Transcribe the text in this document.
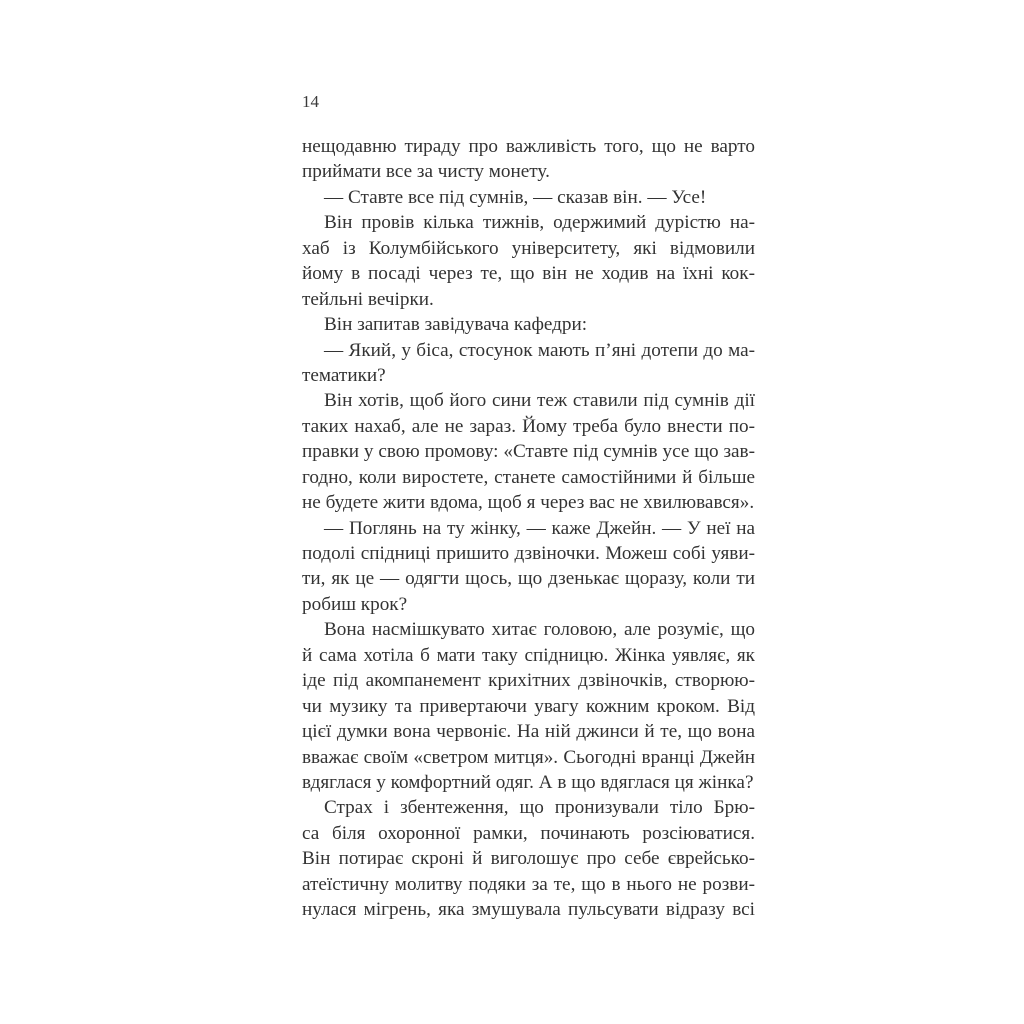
14
нещодавню тираду про важливість того, що не варто
приймати все за чисту монету.
— Ставте все під сумнів, — сказав він. — Усе!
Він провів кілька тижнів, одержимий дурістю на-
хаб із Колумбійського університету, які відмовили
йому в посаді через те, що він не ходив на їхні кок-
тейльні вечірки.
Він запитав завідувача кафедри:
— Який, у біса, стосунок мають п’яні дотепи до ма-
тематики?
Він хотів, щоб його сини теж ставили під сумнів дії
таких нахаб, але не зараз. Йому треба було внести по-
правки у свою промову: «Ставте під сумнів усе що зав-
годно, коли виростете, станете самостійними й більше
не будете жити вдома, щоб я через вас не хвилювався».
— Поглянь на ту жінку, — каже Джейн. — У неї на
подолі спідниці пришито дзвіночки. Можеш собі уяви-
ти, як це — одягти щось, що дзенькає щоразу, коли ти
робиш крок?
Вона насмішкувато хитає головою, але розуміє, що
й сама хотіла б мати таку спідницю. Жінка уявляє, як
іде під акомпанемент крихітних дзвіночків, створюю-
чи музику та привертаючи увагу кожним кроком. Від
цієї думки вона червоніє. На ній джинси й те, що вона
вважає своїм «светром митця». Сьогодні вранці Джейн
вдяглася у комфортний одяг. А в що вдяглася ця жінка?
Страх і збентеження, що пронизували тіло Брю-
са біля охоронної рамки, починають розсіюватися.
Він потирає скроні й виголошує про себе єврейсько-
атеїстичну молитву подяки за те, що в нього не розви-
нулася мігрень, яка змушувала пульсувати відразу всі
